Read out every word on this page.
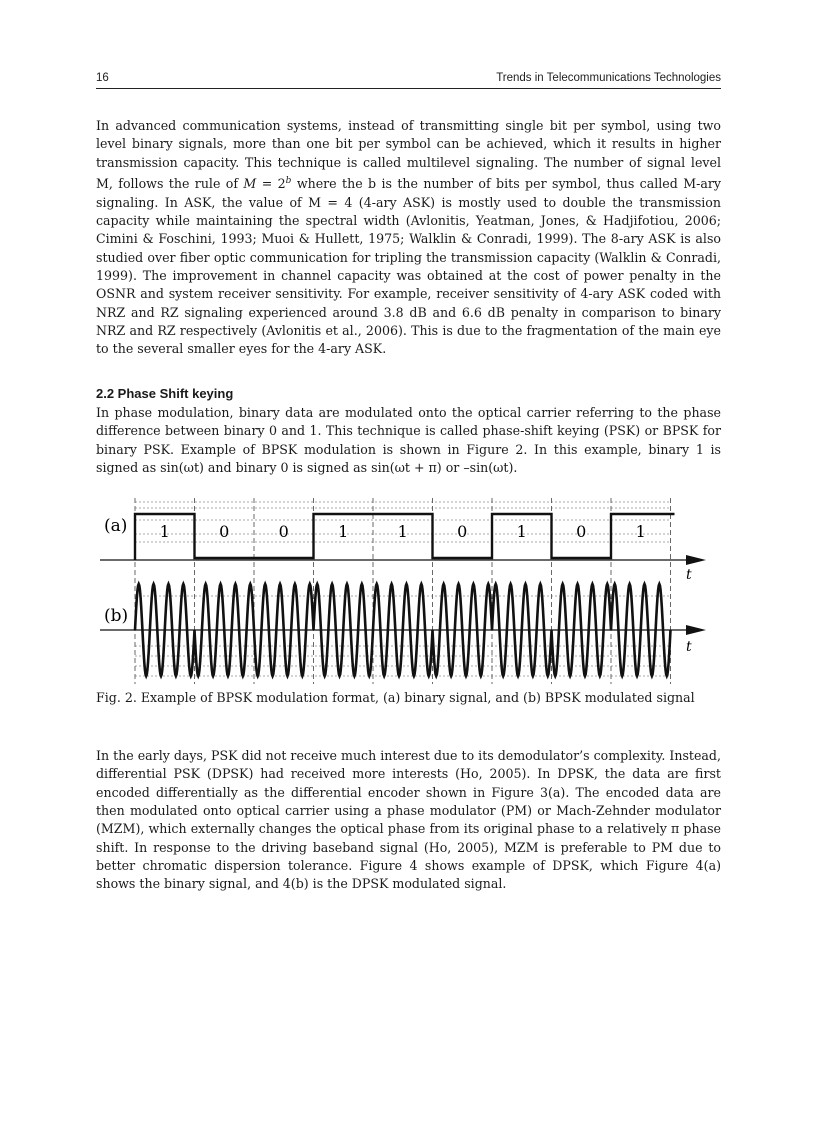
16	Trends in Telecommunications Technologies

In advanced communication systems, instead of transmitting single bit per symbol, using two level binary signals, more than one bit per symbol can be achieved, which it results in higher transmission capacity. This technique is called multilevel signaling. The number of signal level M, follows the rule of $M = 2^b$ where the b is the number of bits per symbol, thus called M-ary signaling. In ASK, the value of M = 4 (4-ary ASK) is mostly used to double the transmission capacity while maintaining the spectral width (Avlonitis, Yeatman, Jones, & Hadjifotiou, 2006; Cimini & Foschini, 1993; Muoi & Hullett, 1975; Walklin & Conradi, 1999). The 8-ary ASK is also studied over fiber optic communication for tripling the transmission capacity (Walklin & Conradi, 1999). The improvement in channel capacity was obtained at the cost of power penalty in the OSNR and system receiver sensitivity. For example, receiver sensitivity of 4-ary ASK coded with NRZ and RZ signaling experienced around 3.8 dB and 6.6 dB penalty in comparison to binary NRZ and RZ respectively (Avlonitis et al., 2006). This is due to the fragmentation of the main eye to the several smaller eyes for the 4-ary ASK.

2.2 Phase Shift keying

In phase modulation, binary data are modulated onto the optical carrier referring to the phase difference between binary 0 and 1. This technique is called phase-shift keying (PSK) or BPSK for binary PSK. Example of BPSK modulation is shown in Figure 2. In this example, binary 1 is signed as sin(ωt) and binary 0 is signed as sin(ωt + π) or –sin(ωt).

1	0	0	1	1	0	1	0	1
(a)
(b)
t
t

Fig. 2. Example of BPSK modulation format, (a) binary signal, and (b) BPSK modulated signal

In the early days, PSK did not receive much interest due to its demodulator’s complexity. Instead, differential PSK (DPSK) had received more interests (Ho, 2005). In DPSK, the data are first encoded differentially as the differential encoder shown in Figure 3(a). The encoded data are then modulated onto optical carrier using a phase modulator (PM) or Mach-Zehnder modulator (MZM), which externally changes the optical phase from its original phase to a relatively π phase shift. In response to the driving baseband signal (Ho, 2005), MZM is preferable to PM due to better chromatic dispersion tolerance. Figure 4 shows example of DPSK, which Figure 4(a) shows the binary signal, and 4(b) is the DPSK modulated signal.
